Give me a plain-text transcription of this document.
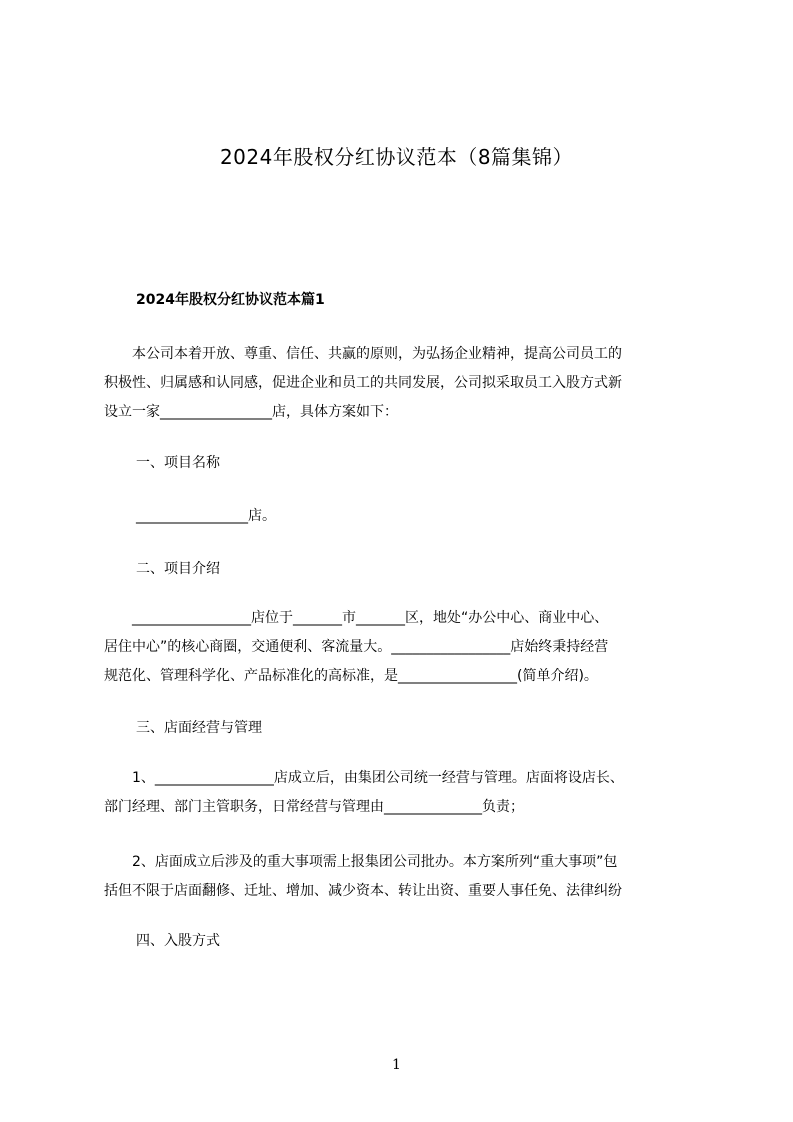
2024年股权分红协议范本（8篇集锦）
2024年股权分红协议范本篇1
　　本公司本着开放、尊重、信任、共赢的原则，为弘扬企业精神，提高公司员工的
积极性、归属感和认同感，促进企业和员工的共同发展，公司拟采取员工入股方式新
设立一家________________店，具体方案如下：
一、项目名称
________________店。
二、项目介绍
　　_________________店位于_______市_______区，地处“办公中心、商业中心、
居住中心”的核心商圈，交通便利、客流量大。_________________店始终秉持经营
规范化、管理科学化、产品标准化的高标准，是_________________(简单介绍)。
三、店面经营与管理
　　1、_________________店成立后，由集团公司统一经营与管理。店面将设店长、
部门经理、部门主管职务，日常经营与管理由______________负责；
　　2、店面成立后涉及的重大事项需上报集团公司批办。本方案所列“重大事项”包
括但不限于店面翻修、迁址、增加、减少资本、转让出资、重要人事任免、法律纠纷
四、入股方式
1
